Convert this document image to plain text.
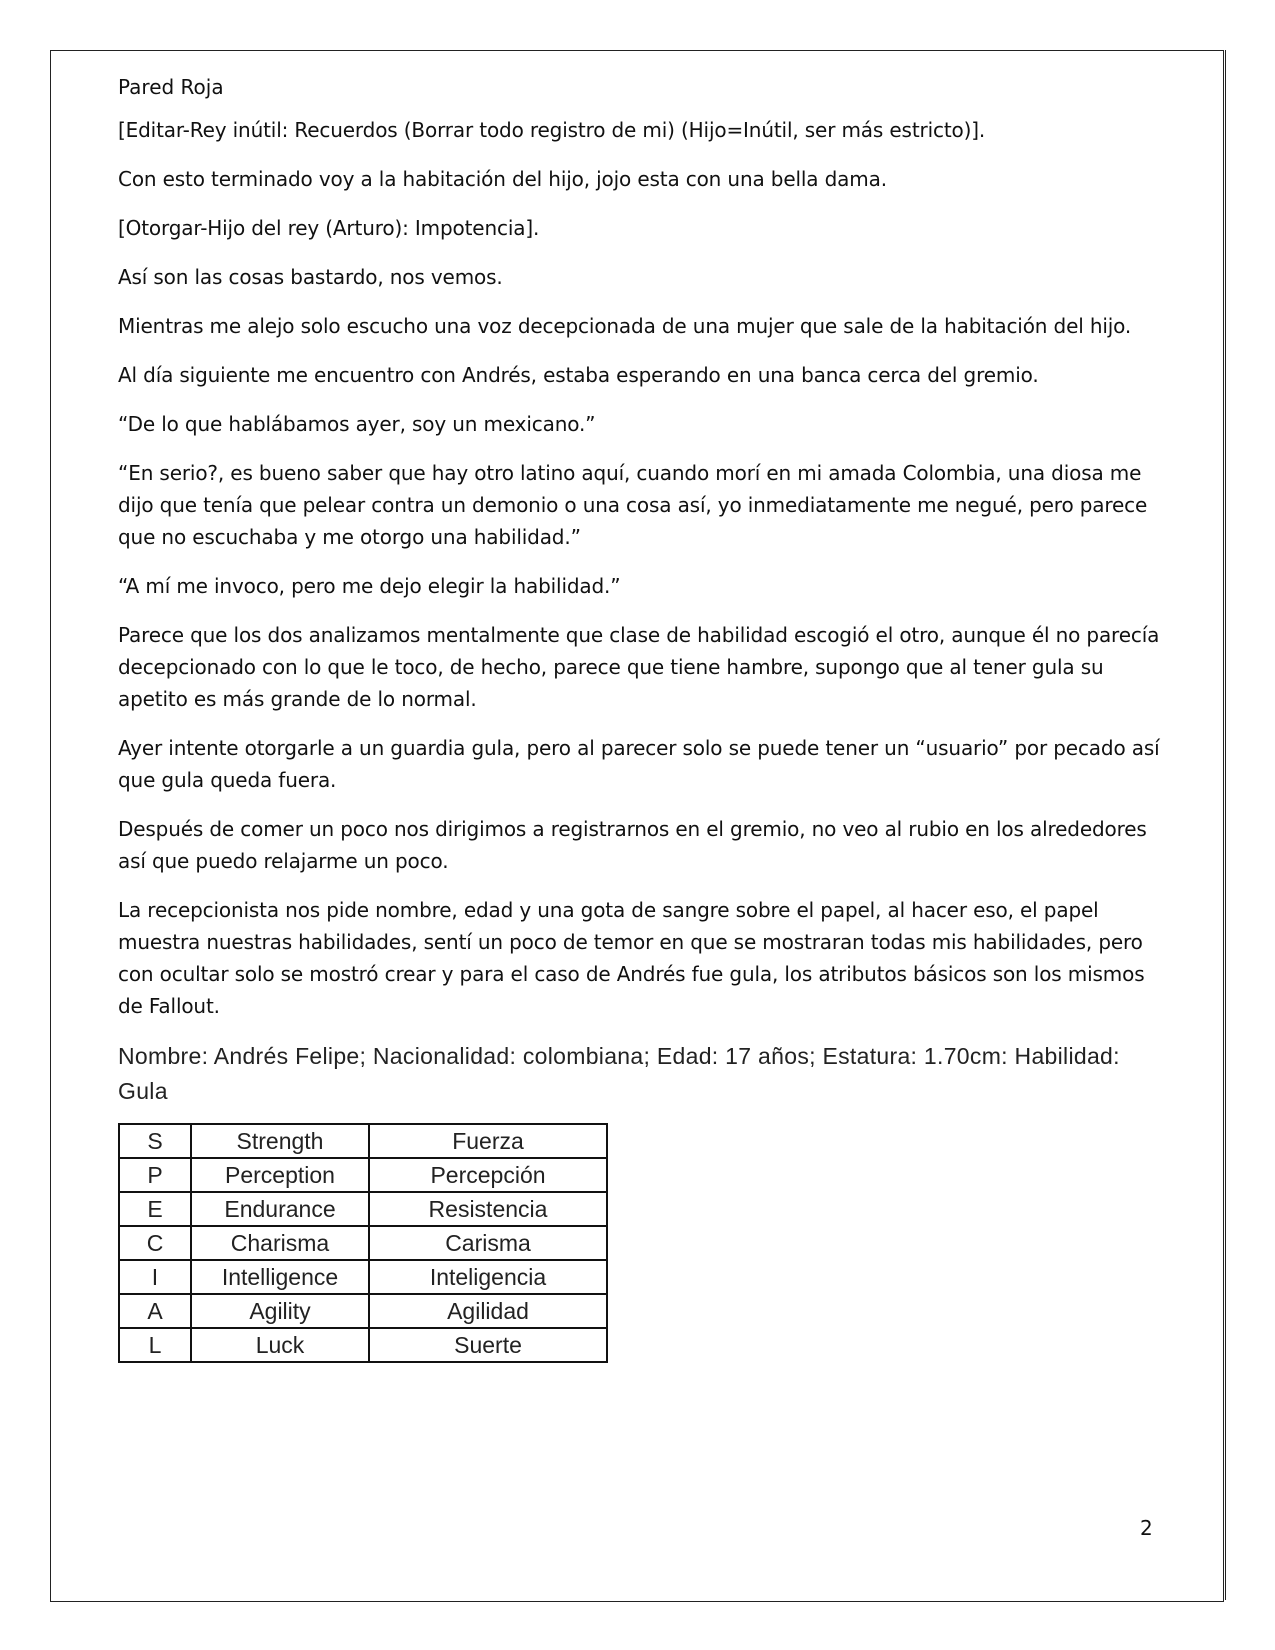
Pared Roja

[Editar-Rey inútil: Recuerdos (Borrar todo registro de mi) (Hijo=Inútil, ser más estricto)].

Con esto terminado voy a la habitación del hijo, jojo esta con una bella dama.

[Otorgar-Hijo del rey (Arturo): Impotencia].

Así son las cosas bastardo, nos vemos.

Mientras me alejo solo escucho una voz decepcionada de una mujer que sale de la habitación del hijo.

Al día siguiente me encuentro con Andrés, estaba esperando en una banca cerca del gremio.

“De lo que hablábamos ayer, soy un mexicano.”

“En serio?, es bueno saber que hay otro latino aquí, cuando morí en mi amada Colombia, una diosa me dijo que tenía que pelear contra un demonio o una cosa así, yo inmediatamente me negué, pero parece que no escuchaba y me otorgo una habilidad.”

“A mí me invoco, pero me dejo elegir la habilidad.”

Parece que los dos analizamos mentalmente que clase de habilidad escogió el otro, aunque él no parecía decepcionado con lo que le toco, de hecho, parece que tiene hambre, supongo que al tener gula su apetito es más grande de lo normal.

Ayer intente otorgarle a un guardia gula, pero al parecer solo se puede tener un “usuario” por pecado así que gula queda fuera.

Después de comer un poco nos dirigimos a registrarnos en el gremio, no veo al rubio en los alrededores así que puedo relajarme un poco.

La recepcionista nos pide nombre, edad y una gota de sangre sobre el papel, al hacer eso, el papel muestra nuestras habilidades, sentí un poco de temor en que se mostraran todas mis habilidades, pero con ocultar solo se mostró crear y para el caso de Andrés fue gula, los atributos básicos son los mismos de Fallout.

Nombre: Andrés Felipe; Nacionalidad: colombiana; Edad: 17 años; Estatura: 1.70cm: Habilidad: Gula

S	Strength	Fuerza
P	Perception	Percepción
E	Endurance	Resistencia
C	Charisma	Carisma
I	Intelligence	Inteligencia
A	Agility	Agilidad
L	Luck	Suerte
2
